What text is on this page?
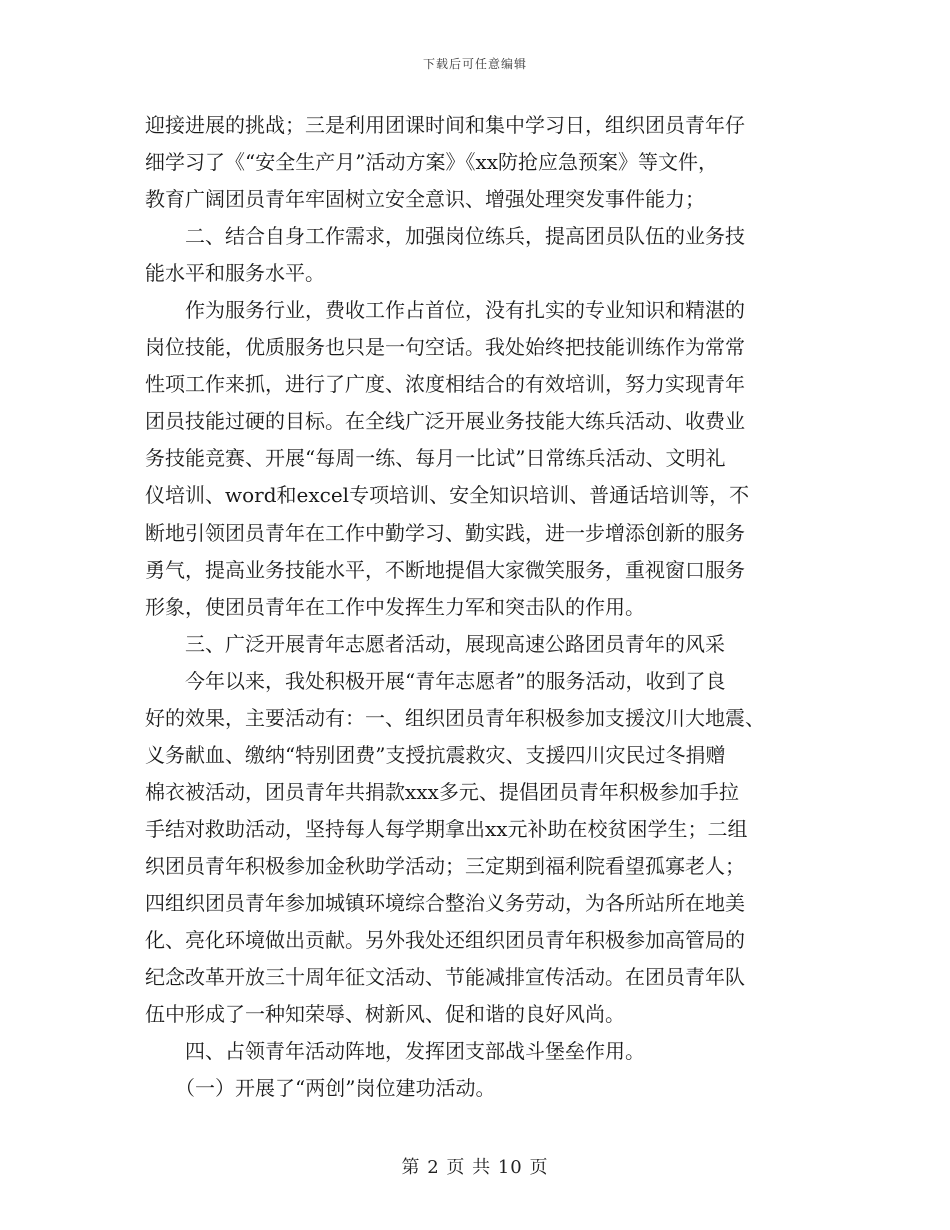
下载后可任意编辑
迎接进展的挑战；三是利用团课时间和集中学习日，组织团员青年仔
细学习了《“安全生产月”活动方案》《xx防抢应急预案》等文件，
教育广阔团员青年牢固树立安全意识、增强处理突发事件能力；
　　二、结合自身工作需求，加强岗位练兵，提高团员队伍的业务技
能水平和服务水平。
　　作为服务行业，费收工作占首位，没有扎实的专业知识和精湛的
岗位技能，优质服务也只是一句空话。我处始终把技能训练作为常常
性项工作来抓，进行了广度、浓度相结合的有效培训，努力实现青年
团员技能过硬的目标。在全线广泛开展业务技能大练兵活动、收费业
务技能竞赛、开展“每周一练、每月一比试”日常练兵活动、文明礼
仪培训、word和excel专项培训、安全知识培训、普通话培训等，不
断地引领团员青年在工作中勤学习、勤实践，进一步增添创新的服务
勇气，提高业务技能水平，不断地提倡大家微笑服务，重视窗口服务
形象，使团员青年在工作中发挥生力军和突击队的作用。
　　三、广泛开展青年志愿者活动，展现高速公路团员青年的风采
　　今年以来，我处积极开展“青年志愿者”的服务活动，收到了良
好的效果，主要活动有：一、组织团员青年积极参加支援汶川大地震、
义务献血、缴纳“特别团费”支授抗震救灾、支援四川灾民过冬捐赠
棉衣被活动，团员青年共捐款xxx多元、提倡团员青年积极参加手拉
手结对救助活动，坚持每人每学期拿出xx元补助在校贫困学生；二组
织团员青年积极参加金秋助学活动；三定期到福利院看望孤寡老人；
四组织团员青年参加城镇环境综合整治义务劳动，为各所站所在地美
化、亮化环境做出贡献。另外我处还组织团员青年积极参加高管局的
纪念改革开放三十周年征文活动、节能减排宣传活动。在团员青年队
伍中形成了一种知荣辱、树新风、促和谐的良好风尚。
　　四、占领青年活动阵地，发挥团支部战斗堡垒作用。
　　（一）开展了“两创”岗位建功活动。
第 2 页 共 10 页
